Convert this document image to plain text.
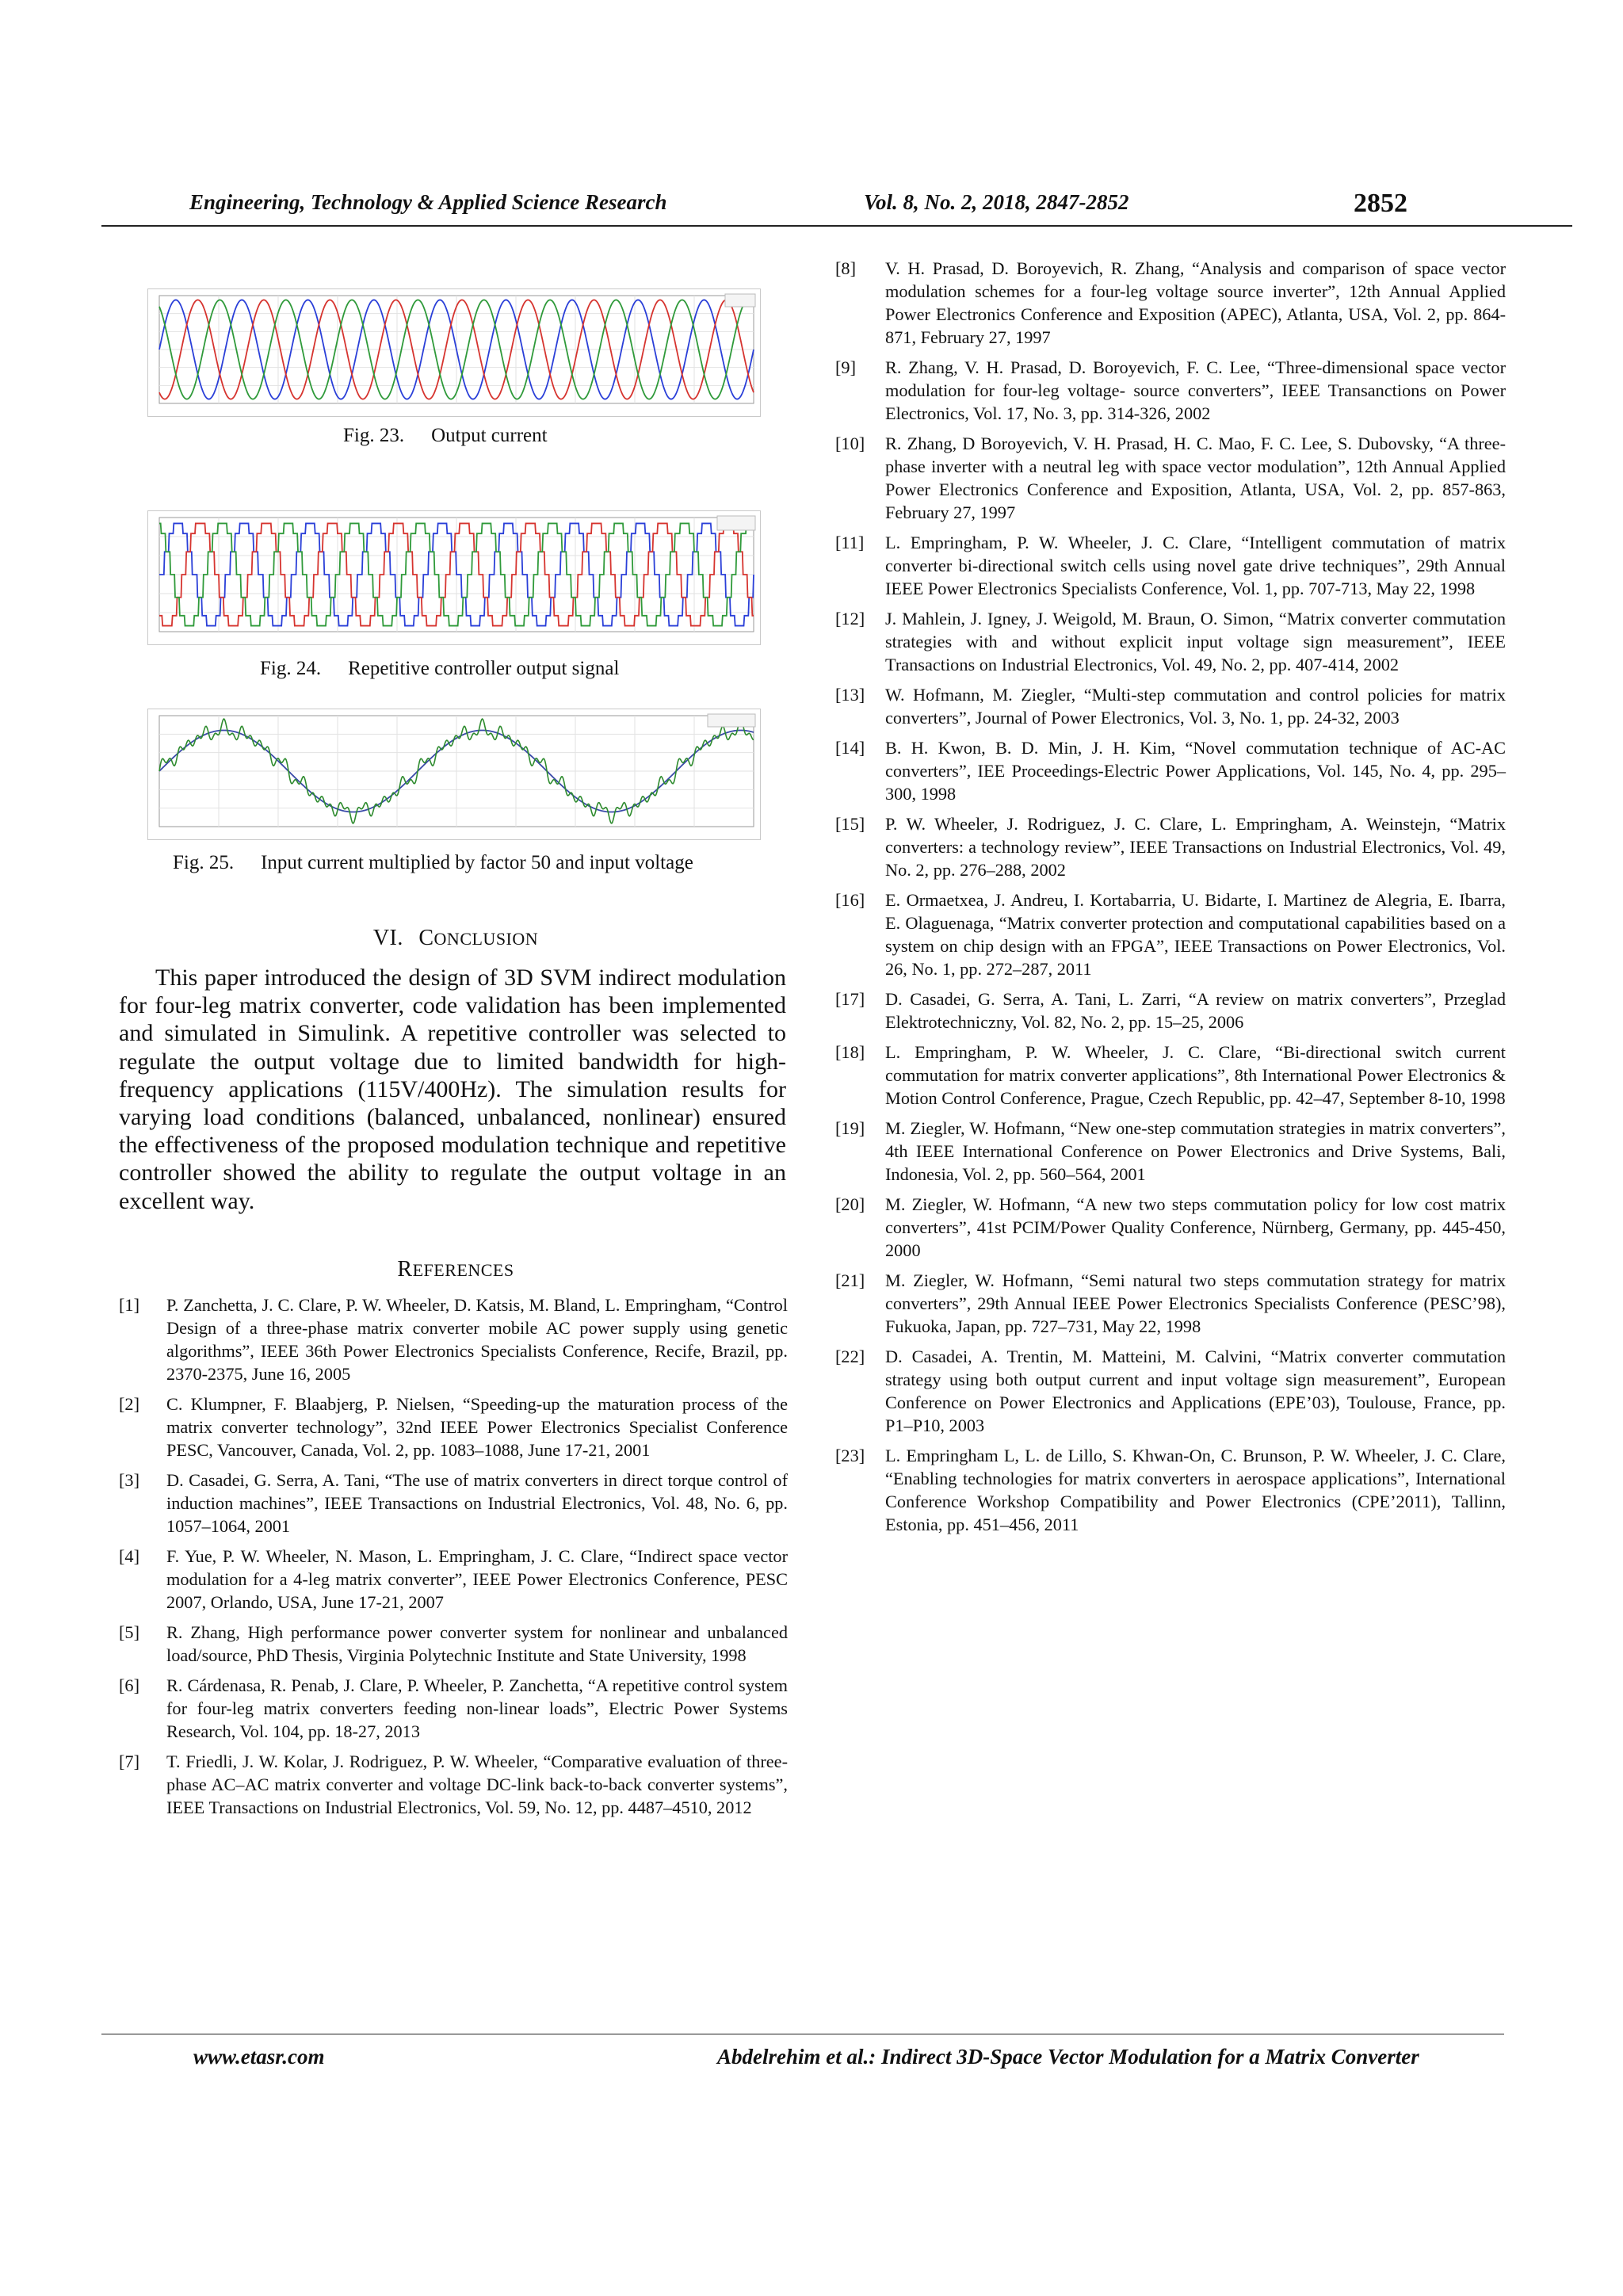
Engineering, Technology & Applied Science Research	Vol. 8, No. 2, 2018, 2847-2852	2852
Fig. 23. Output current
Fig. 24. Repetitive controller output signal
Fig. 25. Input current multiplied by factor 50 and input voltage
VI. CONCLUSION

This paper introduced the design of 3D SVM indirect modulation for four-leg matrix converter, code validation has been implemented and simulated in Simulink. A repetitive controller was selected to regulate the output voltage due to limited bandwidth for high-frequency applications (115V/400Hz). The simulation results for varying load conditions (balanced, unbalanced, nonlinear) ensured the effectiveness of the proposed modulation technique and repetitive controller showed the ability to regulate the output voltage in an excellent way.

REFERENCES
[1] P. Zanchetta, J. C. Clare, P. W. Wheeler, D. Katsis, M. Bland, L. Empringham, “Control Design of a three-phase matrix converter mobile AC power supply using genetic algorithms”, IEEE 36th Power Electronics Specialists Conference, Recife, Brazil, pp. 2370-2375, June 16, 2005
[2] C. Klumpner, F. Blaabjerg, P. Nielsen, “Speeding-up the maturation process of the matrix converter technology”, 32nd IEEE Power Electronics Specialist Conference PESC, Vancouver, Canada, Vol. 2, pp. 1083–1088, June 17-21, 2001
[3] D. Casadei, G. Serra, A. Tani, “The use of matrix converters in direct torque control of induction machines”, IEEE Transactions on Industrial Electronics, Vol. 48, No. 6, pp. 1057–1064, 2001
[4] F. Yue, P. W. Wheeler, N. Mason, L. Empringham, J. C. Clare, “Indirect space vector modulation for a 4-leg matrix converter”, IEEE Power Electronics Conference, PESC 2007, Orlando, USA, June 17-21, 2007
[5] R. Zhang, High performance power converter system for nonlinear and unbalanced load/source, PhD Thesis, Virginia Polytechnic Institute and State University, 1998
[6] R. Cárdenasa, R. Penab, J. Clare, P. Wheeler, P. Zanchetta, “A repetitive control system for four-leg matrix converters feeding non-linear loads”, Electric Power Systems Research, Vol. 104, pp. 18-27, 2013
[7] T. Friedli, J. W. Kolar, J. Rodriguez, P. W. Wheeler, “Comparative evaluation of three-phase AC–AC matrix converter and voltage DC-link back-to-back converter systems”, IEEE Transactions on Industrial Electronics, Vol. 59, No. 12, pp. 4487–4510, 2012
[8] V. H. Prasad, D. Boroyevich, R. Zhang, “Analysis and comparison of space vector modulation schemes for a four-leg voltage source inverter”, 12th Annual Applied Power Electronics Conference and Exposition (APEC), Atlanta, USA, Vol. 2, pp. 864-871, February 27, 1997
[9] R. Zhang, V. H. Prasad, D. Boroyevich, F. C. Lee, “Three-dimensional space vector modulation for four-leg voltage- source converters”, IEEE Transanctions on Power Electronics, Vol. 17, No. 3, pp. 314-326, 2002
[10] R. Zhang, D Boroyevich, V. H. Prasad, H. C. Mao, F. C. Lee, S. Dubovsky, “A three-phase inverter with a neutral leg with space vector modulation”, 12th Annual Applied Power Electronics Conference and Exposition, Atlanta, USA, Vol. 2, pp. 857-863, February 27, 1997
[11] L. Empringham, P. W. Wheeler, J. C. Clare, “Intelligent commutation of matrix converter bi-directional switch cells using novel gate drive techniques”, 29th Annual IEEE Power Electronics Specialists Conference, Vol. 1, pp. 707-713, May 22, 1998
[12] J. Mahlein, J. Igney, J. Weigold, M. Braun, O. Simon, “Matrix converter commutation strategies with and without explicit input voltage sign measurement”, IEEE Transactions on Industrial Electronics, Vol. 49, No. 2, pp. 407-414, 2002
[13] W. Hofmann, M. Ziegler, “Multi-step commutation and control policies for matrix converters”, Journal of Power Electronics, Vol. 3, No. 1, pp. 24-32, 2003
[14] B. H. Kwon, B. D. Min, J. H. Kim, “Novel commutation technique of AC-AC converters”, IEE Proceedings-Electric Power Applications, Vol. 145, No. 4, pp. 295–300, 1998
[15] P. W. Wheeler, J. Rodriguez, J. C. Clare, L. Empringham, A. Weinstejn, “Matrix converters: a technology review”, IEEE Transactions on Industrial Electronics, Vol. 49, No. 2, pp. 276–288, 2002
[16] E. Ormaetxea, J. Andreu, I. Kortabarria, U. Bidarte, I. Martinez de Alegria, E. Ibarra, E. Olaguenaga, “Matrix converter protection and computational capabilities based on a system on chip design with an FPGA”, IEEE Transactions on Power Electronics, Vol. 26, No. 1, pp. 272–287, 2011
[17] D. Casadei, G. Serra, A. Tani, L. Zarri, “A review on matrix converters”, Przeglad Elektrotechniczny, Vol. 82, No. 2, pp. 15–25, 2006
[18] L. Empringham, P. W. Wheeler, J. C. Clare, “Bi-directional switch current commutation for matrix converter applications”, 8th International Power Electronics & Motion Control Conference, Prague, Czech Republic, pp. 42–47, September 8-10, 1998
[19] M. Ziegler, W. Hofmann, “New one-step commutation strategies in matrix converters”, 4th IEEE International Conference on Power Electronics and Drive Systems, Bali, Indonesia, Vol. 2, pp. 560–564, 2001
[20] M. Ziegler, W. Hofmann, “A new two steps commutation policy for low cost matrix converters”, 41st PCIM/Power Quality Conference, Nürnberg, Germany, pp. 445-450, 2000
[21] M. Ziegler, W. Hofmann, “Semi natural two steps commutation strategy for matrix converters”, 29th Annual IEEE Power Electronics Specialists Conference (PESC’98), Fukuoka, Japan, pp. 727–731, May 22, 1998
[22] D. Casadei, A. Trentin, M. Matteini, M. Calvini, “Matrix converter commutation strategy using both output current and input voltage sign measurement”, European Conference on Power Electronics and Applications (EPE’03), Toulouse, France, pp. P1–P10, 2003
[23] L. Empringham L, L. de Lillo, S. Khwan-On, C. Brunson, P. W. Wheeler, J. C. Clare, “Enabling technologies for matrix converters in aerospace applications”, International Conference Workshop Compatibility and Power Electronics (CPE’2011), Tallinn, Estonia, pp. 451–456, 2011
www.etasr.com	Abdelrehim et al.: Indirect 3D-Space Vector Modulation for a Matrix Converter
